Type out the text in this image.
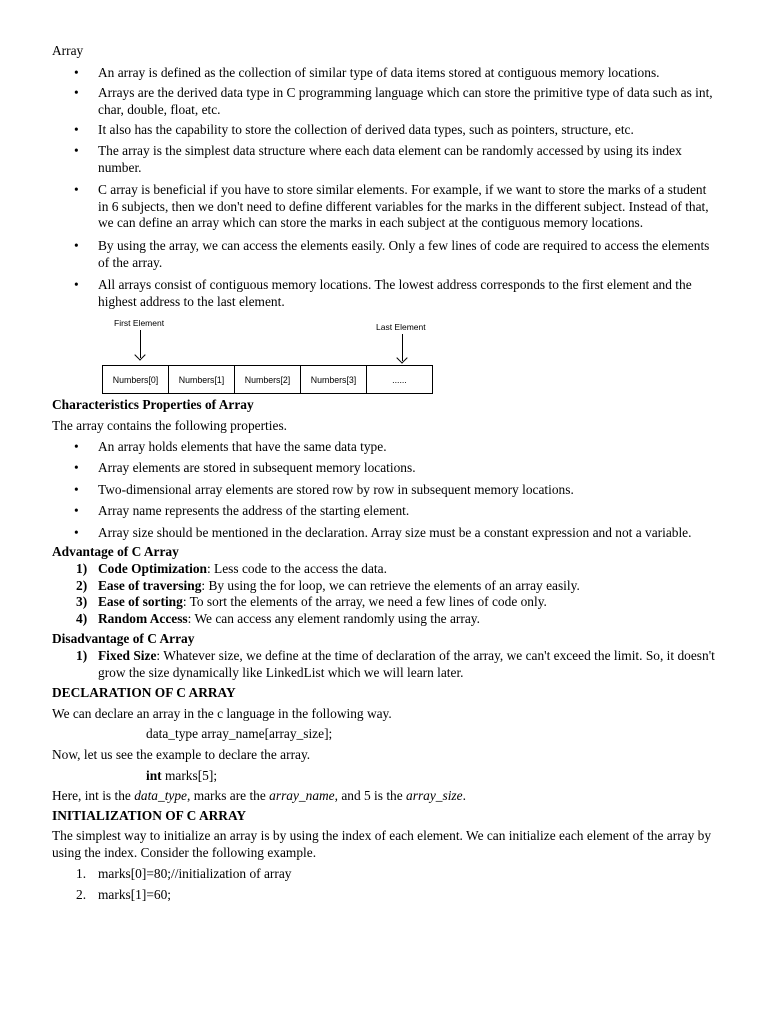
Array

• An array is defined as the collection of similar type of data items stored at contiguous memory locations.
• Arrays are the derived data type in C programming language which can store the primitive type of data such as int, char, double, float, etc.
• It also has the capability to store the collection of derived data types, such as pointers, structure, etc.
• The array is the simplest data structure where each data element can be randomly accessed by using its index number.
• C array is beneficial if you have to store similar elements. For example, if we want to store the marks of a student in 6 subjects, then we don't need to define different variables for the marks in the different subject. Instead of that, we can define an array which can store the marks in each subject at the contiguous memory locations.
• By using the array, we can access the elements easily. Only a few lines of code are required to access the elements of the array.
• All arrays consist of contiguous memory locations. The lowest address corresponds to the first element and the highest address to the last element.
First Element	Last Element
Numbers[0]	Numbers[1]	Numbers[2]	Numbers[3]	......
Characteristics Properties of Array

The array contains the following properties.

• An array holds elements that have the same data type.
• Array elements are stored in subsequent memory locations.
• Two-dimensional array elements are stored row by row in subsequent memory locations.
• Array name represents the address of the starting element.
• Array size should be mentioned in the declaration. Array size must be a constant expression and not a variable.
Advantage of C Array
1) Code Optimization: Less code to the access the data.
2) Ease of traversing: By using the for loop, we can retrieve the elements of an array easily.
3) Ease of sorting: To sort the elements of the array, we need a few lines of code only.
4) Random Access: We can access any element randomly using the array.
Disadvantage of C Array
1) Fixed Size: Whatever size, we define at the time of declaration of the array, we can't exceed the limit. So, it doesn't grow the size dynamically like LinkedList which we will learn later.
DECLARATION OF C ARRAY

We can declare an array in the c language in the following way.

data_type array_name[array_size];

Now, let us see the example to declare the array.

int marks[5];

Here, int is the data_type, marks are the array_name, and 5 is the array_size.

INITIALIZATION OF C ARRAY

The simplest way to initialize an array is by using the index of each element. We can initialize each element of the array by using the index. Consider the following example.

1. marks[0]=80;//initialization of array
2. marks[1]=60;
